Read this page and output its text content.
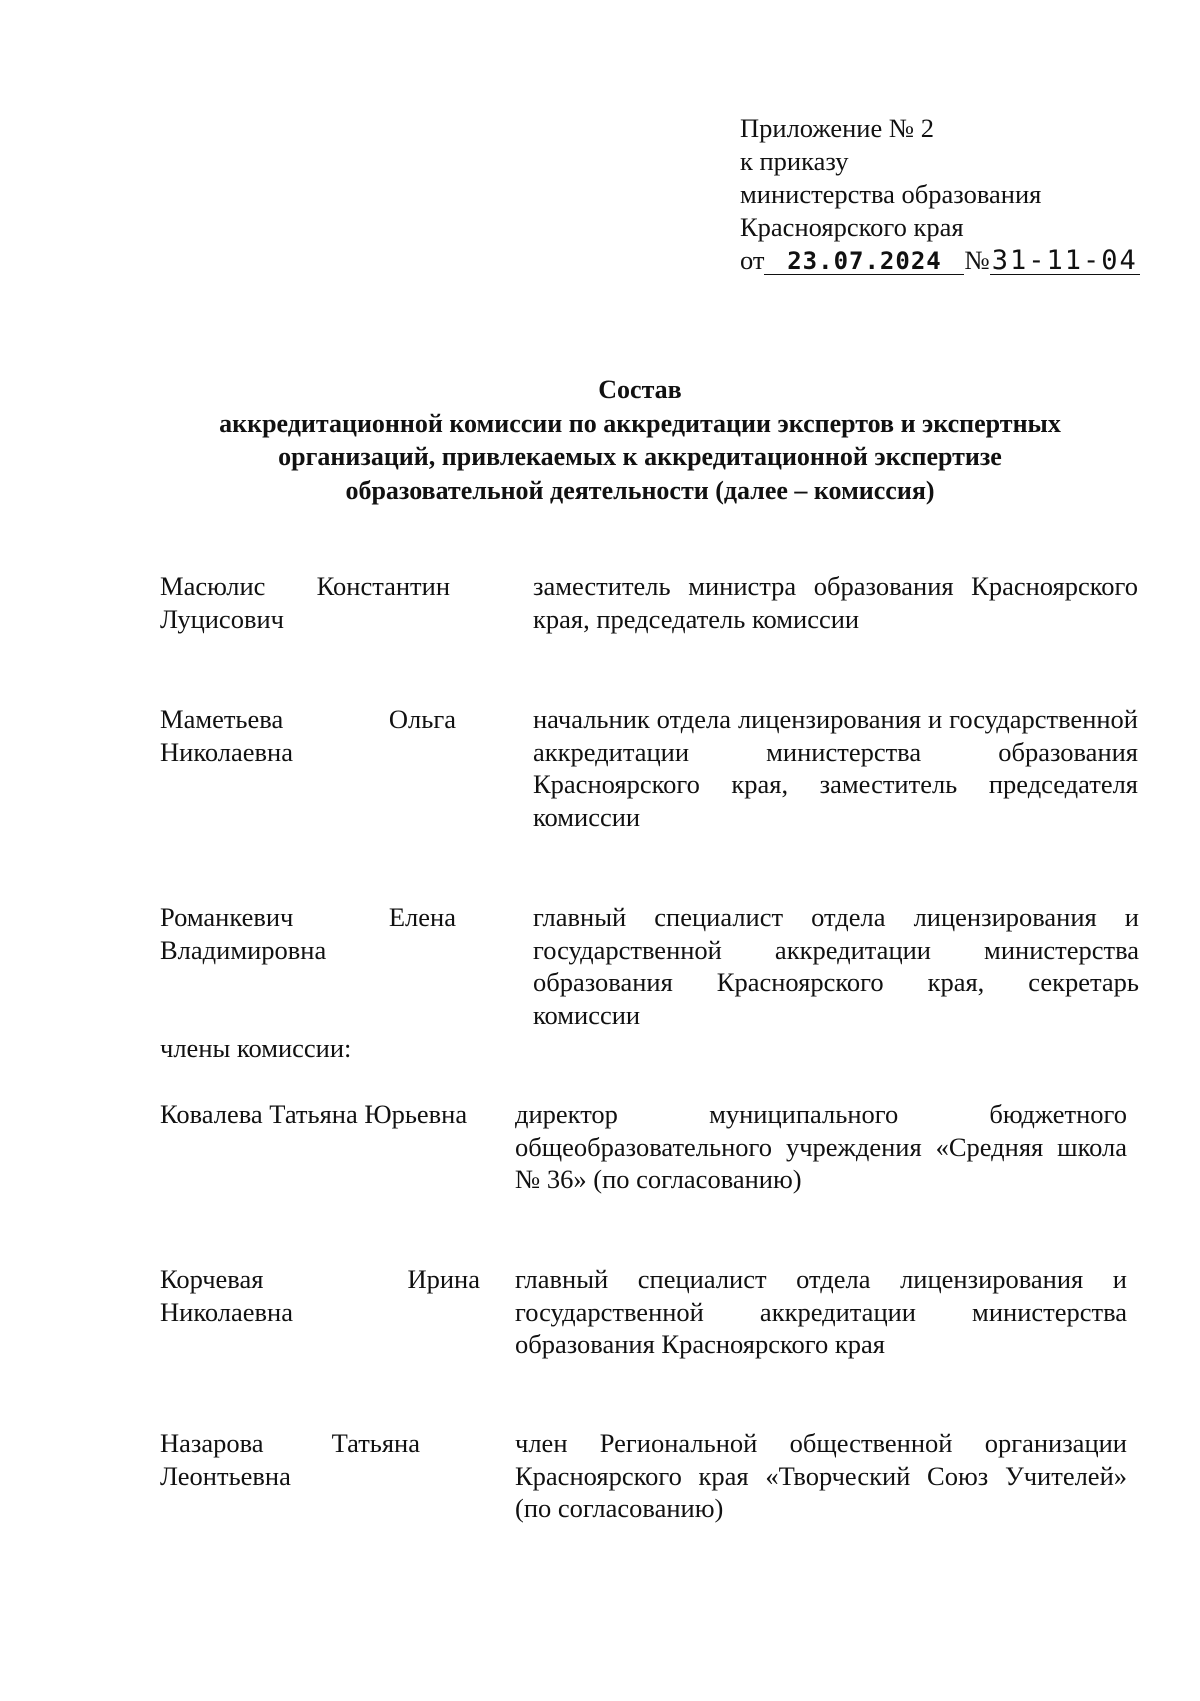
Приложение № 2
к приказу
министерства образования
Красноярского края
от 23.07.2024 №31-11-04
Состав
аккредитационной комиссии по аккредитации экспертов и экспертных
организаций, привлекаемых к аккредитационной экспертизе
образовательной деятельности (далее – комиссия)
Масюлис Константин Луцисович
заместитель министра образования Красноярского края, председатель комиссии
Маметьева Ольга Николаевна
начальник отдела лицензирования и государственной аккредитации министерства образования Красноярского края, заместитель председателя комиссии
Романкевич Елена Владимировна
главный специалист отдела лицензирования и государственной аккредитации министерства образования Красноярского края, секретарь комиссии
члены комиссии:
Ковалева Татьяна Юрьевна	директор муниципального бюджетного общеобразовательного учреждения «Средняя школа № 36» (по согласованию)
Корчевая Ирина Николаевна
главный специалист отдела лицензирования и государственной аккредитации министерства образования Красноярского края
Назарова Татьяна Леонтьевна
член Региональной общественной организации Красноярского края «Творческий Союз Учителей» (по согласованию)
